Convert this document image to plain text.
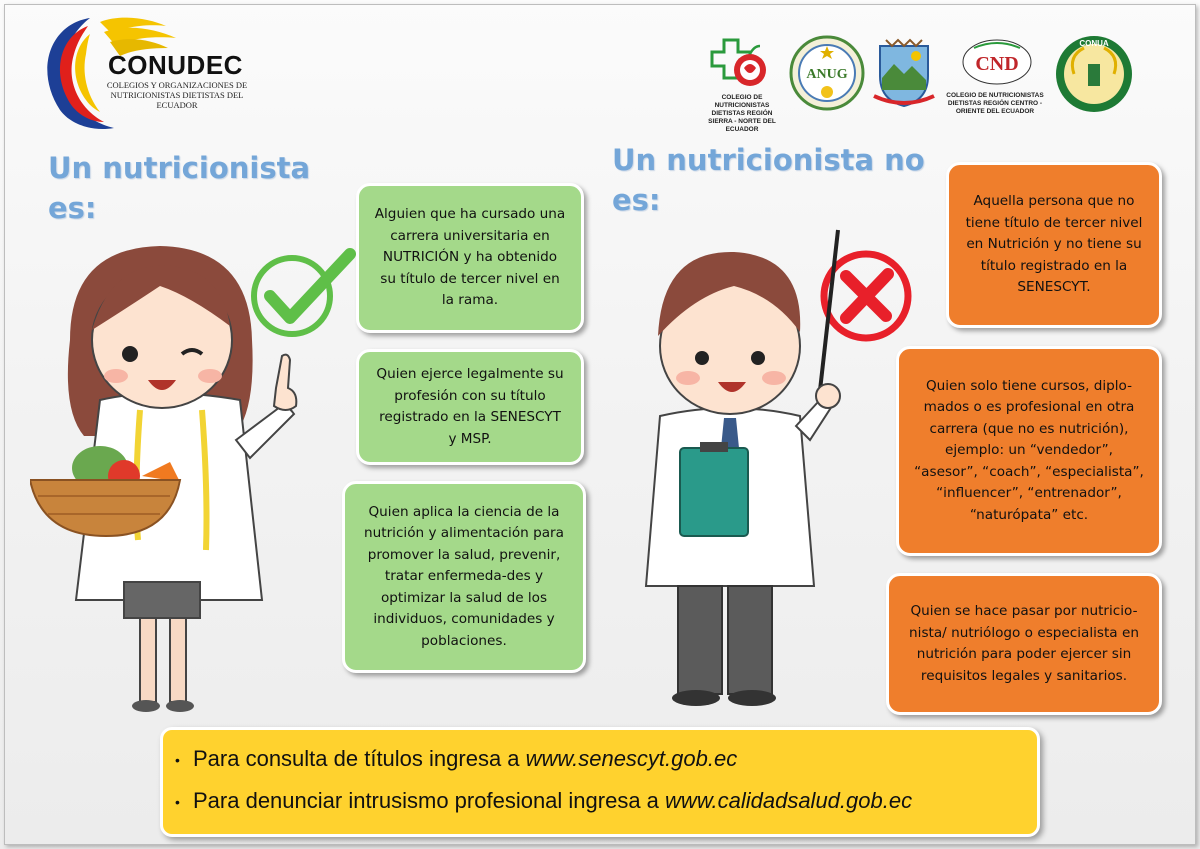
CONUDEC
COLEGIOS Y ORGANIZACIONES DE NUTRICIONISTAS DIETISTAS DEL ECUADOR
COLEGIO DE NUTRICIONISTAS DIETISTAS REGIÓN SIERRA - NORTE DEL ECUADOR
ANUG	CND
COLEGIO DE NUTRICIONISTAS DIETISTAS REGIÓN CENTRO - ORIENTE DEL ECUADOR
CONUA
Un nutricionista es:
Un nutricionista no es:
Alguien que ha cursado una carrera universitaria en NUTRICIÓN y ha obtenido su título de tercer nivel en la rama.
Quien ejerce legalmente su profesión con su título registrado en la SENESCYT y MSP.
Quien aplica la ciencia de la nutrición y alimentación para promover la salud, prevenir, tratar enfermeda-des y optimizar la salud de los individuos, comunidades y poblaciones.
Aquella persona que no tiene título de tercer nivel en Nutrición y no tiene su título registrado en la SENESCYT.
Quien solo tiene cursos, diplo-mados o es profesional en otra carrera (que no es nutrición), ejemplo: un “vendedor”, “asesor”, “coach”, “especialista”, “influencer”, “entrenador”, “naturópata” etc.
Quien se hace pasar por nutricio-nista/ nutriólogo o especialista en nutrición para poder ejercer sin requisitos legales y sanitarios.
• Para consulta de títulos ingresa a www.senescyt.gob.ec
• Para denunciar intrusismo profesional ingresa a www.calidadsalud.gob.ec
